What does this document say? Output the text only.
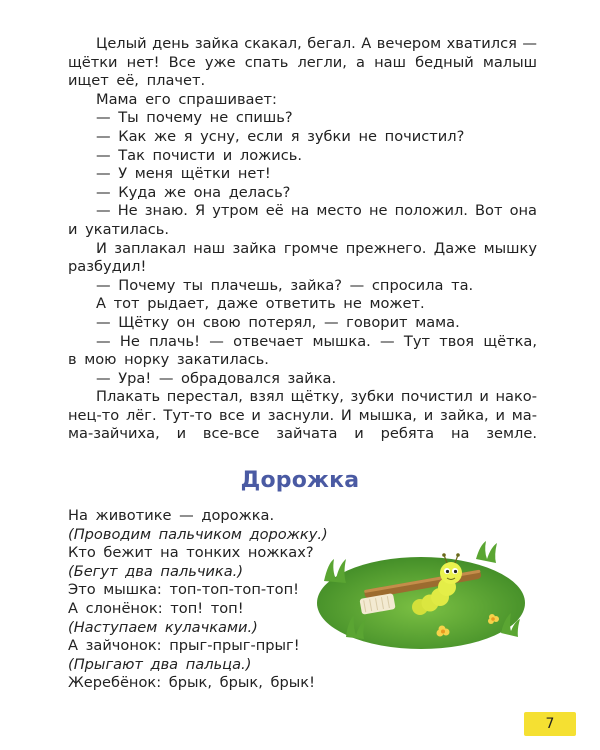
Целый день зайка скакал, бегал. А вечером хватился —
щётки нет! Все уже спать легли, а наш бедный малыш
ищет её, плачет.
Мама его спрашивает:
— Ты почему не спишь?
— Как же я усну, если я зубки не почистил?
— Так почисти и ложись.
— У меня щётки нет!
— Куда же она делась?
— Не знаю. Я утром её на место не положил. Вот она
и укатилась.
И заплакал наш зайка громче прежнего. Даже мышку
разбудил!
— Почему ты плачешь, зайка? — спросила та.
А тот рыдает, даже ответить не может.
— Щётку он свою потерял, — говорит мама.
— Не плачь! — отвечает мышка. — Тут твоя щётка,
в мою норку закатилась.
— Ура! — обрадовался зайка.
Плакать перестал, взял щётку, зубки почистил и нако-
нец-то лёг. Тут-то все и заснули. И мышка, и зайка, и ма-
ма-зайчиха, и все-все зайчата и ребята на земле.
Дорожка
На животике — дорожка.
(Проводим пальчиком дорожку.)
Кто бежит на тонких ножках?
(Бегут два пальчика.)
Это мышка: топ-топ-топ-топ!
А слонёнок: топ! топ!
(Наступаем кулачками.)
А зайчонок: прыг-прыг-прыг!
(Прыгают два пальца.)
Жеребёнок: брык, брык, брык!
7
